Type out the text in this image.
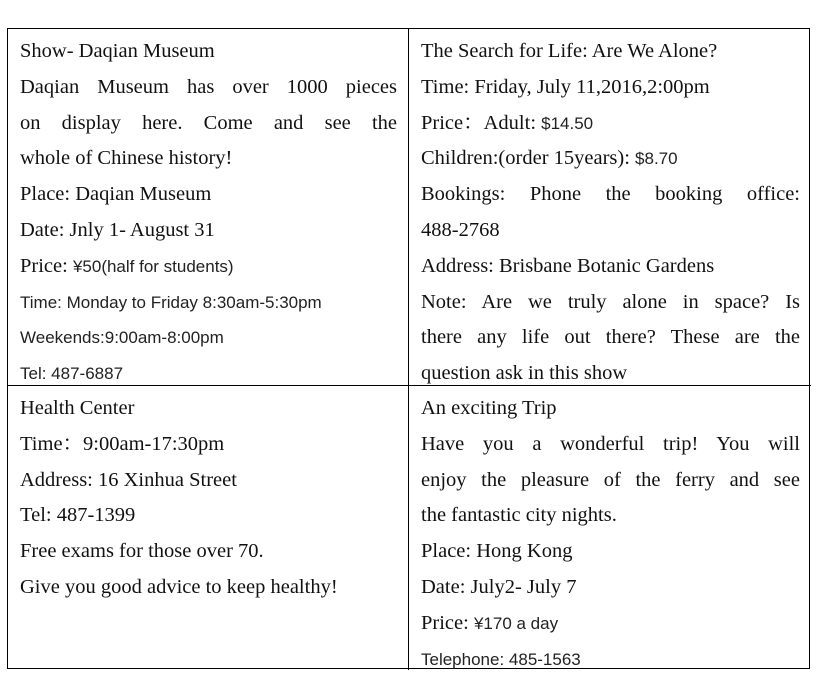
Show- Daqian Museum
Daqian Museum has over 1000 pieces
on display here. Come and see the
whole of Chinese history!
Place: Daqian Museum
Date: Jnly 1- August 31
Price: ¥50(half for students)
Time: Monday to Friday 8:30am-5:30pm
Weekends:9:00am-8:00pm
Tel: 487-6887
The Search for Life: Are We Alone?
Time: Friday, July 11,2016,2:00pm
Price：Adult: $14.50
Children:(order 15years): $8.70
Bookings: Phone the booking office:
488-2768
Address: Brisbane Botanic Gardens
Note: Are we truly alone in space? Is
there any life out there? These are the
question ask in this show
Health Center
Time：9:00am-17:30pm
Address: 16 Xinhua Street
Tel: 487-1399
Free exams for those over 70.
Give you good advice to keep healthy!
An exciting Trip
Have you a wonderful trip! You will
enjoy the pleasure of the ferry and see
the fantastic city nights.
Place: Hong Kong
Date: July2- July 7
Price: ¥170 a day
Telephone: 485-1563
